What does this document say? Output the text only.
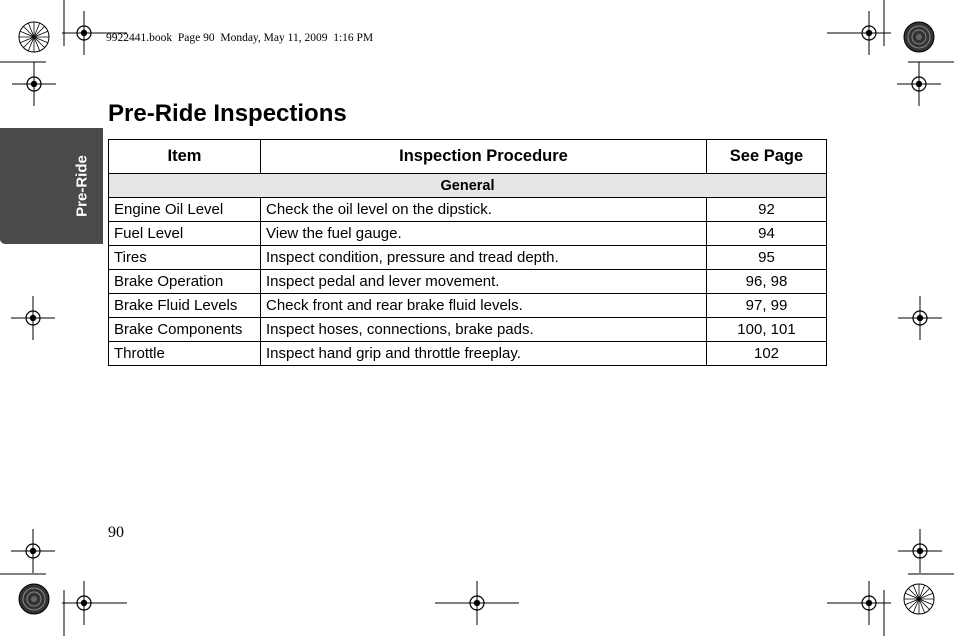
9922441.book  Page 90  Monday, May 11, 2009  1:16 PM
Pre-Ride
Pre-Ride Inspections
Item	Inspection Procedure	See Page
General		
Engine Oil Level	Check the oil level on the dipstick.	92
Fuel Level	View the fuel gauge.	94
Tires	Inspect condition, pressure and tread depth.	95
Brake Operation	Inspect pedal and lever movement.	96, 98
Brake Fluid Levels	Check front and rear brake fluid levels.	97, 99
Brake Components	Inspect hoses, connections, brake pads.	100, 101
Throttle	Inspect hand grip and throttle freeplay.	102
90
